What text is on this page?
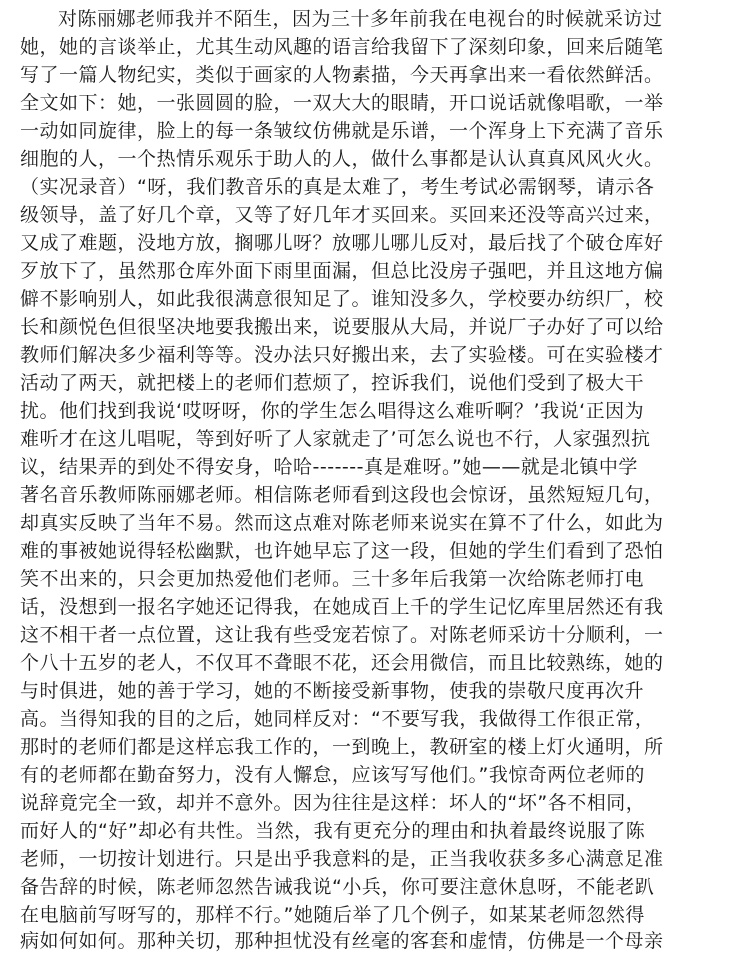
对陈丽娜老师我并不陌生，因为三十多年前我在电视台的时候就采访过
她，她的言谈举止，尤其生动风趣的语言给我留下了深刻印象，回来后随笔
写了一篇人物纪实，类似于画家的人物素描，今天再拿出来一看依然鲜活。
全文如下：她，一张圆圆的脸，一双大大的眼睛，开口说话就像唱歌，一举
一动如同旋律，脸上的每一条皱纹仿佛就是乐谱，一个浑身上下充满了音乐
细胞的人，一个热情乐观乐于助人的人，做什么事都是认认真真风风火火。
（实况录音）“呀，我们教音乐的真是太难了，考生考试必需钢琴，请示各
级领导，盖了好几个章，又等了好几年才买回来。买回来还没等高兴过来，
又成了难题，没地方放，搁哪儿呀？放哪儿哪儿反对，最后找了个破仓库好
歹放下了，虽然那仓库外面下雨里面漏，但总比没房子强吧，并且这地方偏
僻不影响别人，如此我很满意很知足了。谁知没多久，学校要办纺织厂，校
长和颜悦色但很坚决地要我搬出来，说要服从大局，并说厂子办好了可以给
教师们解决多少福利等等。没办法只好搬出来，去了实验楼。可在实验楼才
活动了两天，就把楼上的老师们惹烦了，控诉我们，说他们受到了极大干
扰。他们找到我说‘哎呀呀，你的学生怎么唱得这么难听啊？’我说‘正因为
难听才在这儿唱呢，等到好听了人家就走了’可怎么说也不行，人家强烈抗
议，结果弄的到处不得安身，哈哈-------真是难呀。”她——就是北镇中学
著名音乐教师陈丽娜老师。相信陈老师看到这段也会惊讶，虽然短短几句，
却真实反映了当年不易。然而这点难对陈老师来说实在算不了什么，如此为
难的事被她说得轻松幽默，也许她早忘了这一段，但她的学生们看到了恐怕
笑不出来的，只会更加热爱他们老师。三十多年后我第一次给陈老师打电
话，没想到一报名字她还记得我，在她成百上千的学生记忆库里居然还有我
这不相干者一点位置，这让我有些受宠若惊了。对陈老师采访十分顺利，一
个八十五岁的老人，不仅耳不聋眼不花，还会用微信，而且比较熟练，她的
与时俱进，她的善于学习，她的不断接受新事物，使我的崇敬尺度再次升
高。当得知我的目的之后，她同样反对：“不要写我，我做得工作很正常，
那时的老师们都是这样忘我工作的，一到晚上，教研室的楼上灯火通明，所
有的老师都在勤奋努力，没有人懈怠，应该写写他们。”我惊奇两位老师的
说辞竟完全一致，却并不意外。因为往往是这样：坏人的“坏”各不相同，
而好人的“好”却必有共性。当然，我有更充分的理由和执着最终说服了陈
老师，一切按计划进行。只是出乎我意料的是，正当我收获多多心满意足准
备告辞的时候，陈老师忽然告诫我说“小兵，你可要注意休息呀，不能老趴
在电脑前写呀写的，那样不行。”她随后举了几个例子，如某某老师忽然得
病如何如何。那种关切，那种担忧没有丝毫的客套和虚情，仿佛是一个母亲
